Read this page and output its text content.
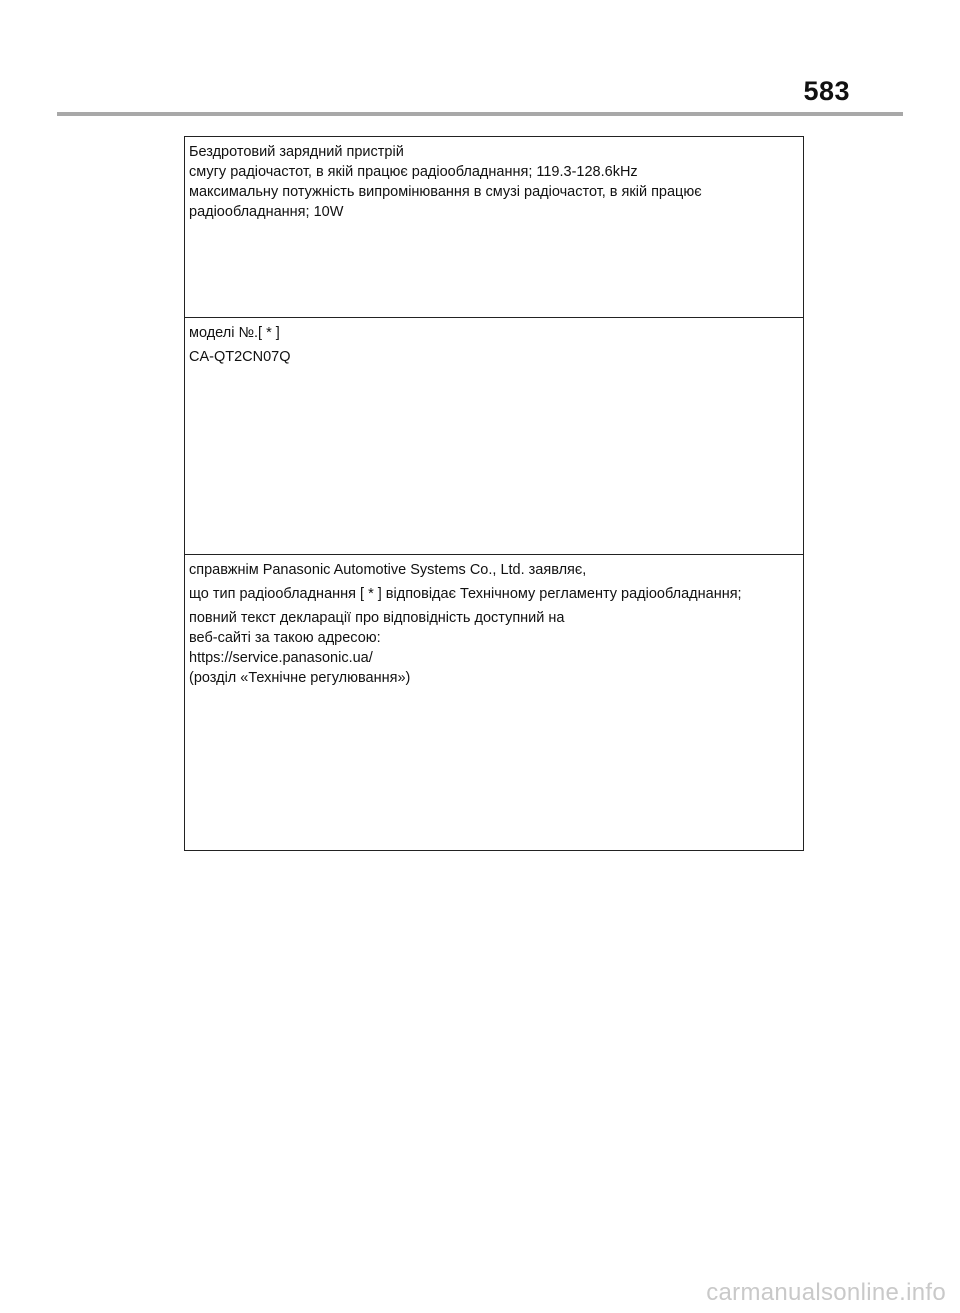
583
Бездротовий зарядний пристрій
смугу радіочастот, в якій працює радіообладнання; 119.3-128.6kHz
максимальну потужність випромінювання в смузі радіочастот, в якій працює
радіообладнання; 10W
моделі №.[ * ]
CA-QT2CN07Q
справжнім Panasonic Automotive Systems Co., Ltd. заявляє,
що тип радіообладнання [ * ] відповідає Технічному регламенту радіообладнання;
повний текст декларації про відповідність доступний на
веб-сайті за такою адресою:
https://service.panasonic.ua/
(розділ «Технічне регулювання»)
carmanualsonline.info
